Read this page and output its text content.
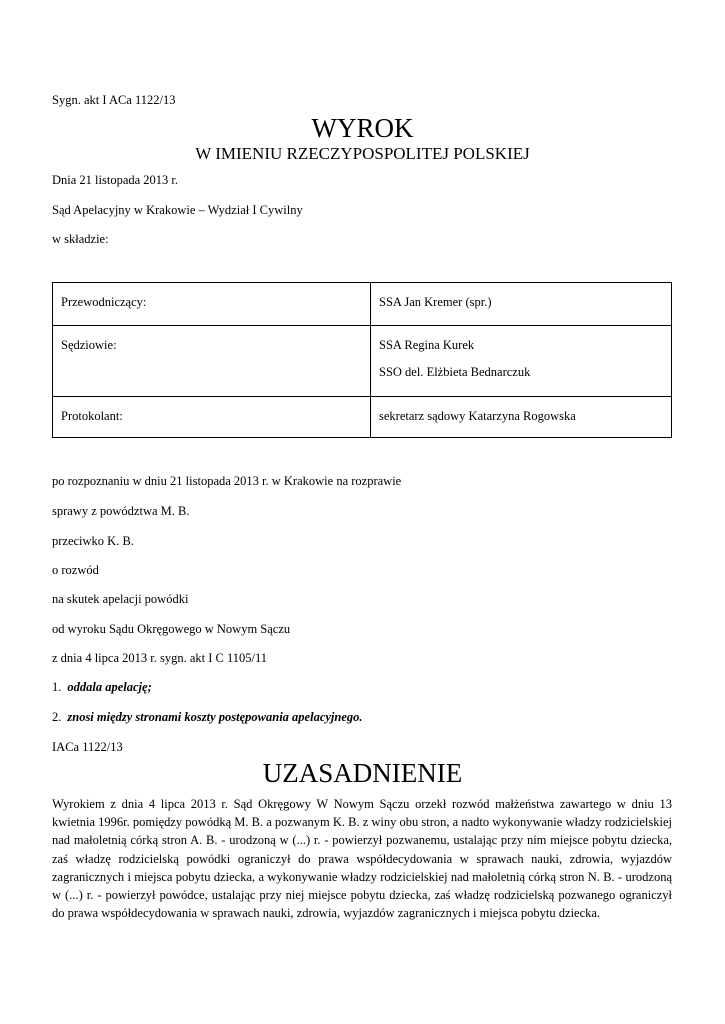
Sygn. akt I ACa 1122/13
WYROK
W IMIENIU RZECZYPOSPOLITEJ POLSKIEJ
Dnia 21 listopada 2013 r.
Sąd Apelacyjny w Krakowie – Wydział I Cywilny
w składzie:
Przewodniczący:	SSA Jan Kremer (spr.)
Sędziowie:	SSA Regina Kurek
SSO del. Elżbieta Bednarczuk

Protokolant:	sekretarz sądowy Katarzyna Rogowska
po rozpoznaniu w dniu 21 listopada 2013 r. w Krakowie na rozprawie
sprawy z powództwa M. B.
przeciwko K. B.
o rozwód
na skutek apelacji powódki
od wyroku Sądu Okręgowego w Nowym Sączu
z dnia 4 lipca 2013 r. sygn. akt I C 1105/11
1. oddala apelację;
2. znosi między stronami koszty postępowania apelacyjnego.
IACa 1122/13
UZASADNIENIE
Wyrokiem z dnia 4 lipca 2013 r. Sąd Okręgowy W Nowym Sączu orzekł rozwód małżeństwa zawartego w dniu 13 kwietnia 1996r. pomiędzy powódką M. B. a pozwanym K. B. z winy obu stron, a nadto wykonywanie władzy rodzicielskiej nad małoletnią córką stron A. B. - urodzoną w (...) r. - powierzył pozwanemu, ustalając przy nim miejsce pobytu dziecka, zaś władzę rodzicielską powódki ograniczył do prawa współdecydowania w sprawach nauki, zdrowia, wyjazdów zagranicznych i miejsca pobytu dziecka, a wykonywanie władzy rodzicielskiej nad małoletnią córką stron N. B. - urodzoną w (...) r. - powierzył powódce, ustalając przy niej miejsce pobytu dziecka, zaś władzę rodzicielską pozwanego ograniczył do prawa współdecydowania w sprawach nauki, zdrowia, wyjazdów zagranicznych i miejsca pobytu dziecka.
